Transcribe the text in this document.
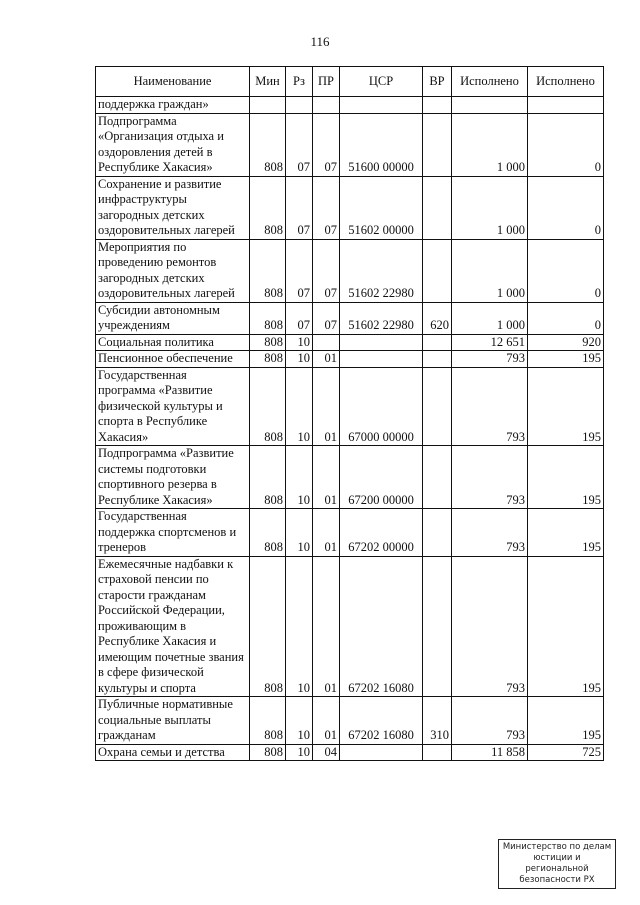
116
Наименование	Мин	Рз	ПР	ЦСР	ВР	Исполнено	Исполнено
поддержка граждан»							
Подпрограмма «Организация отдыха и оздоровления детей в Республике Хакасия»	808	07	07	51600 00000		1 000	0
Сохранение и развитие инфраструктуры загородных детских оздоровительных лагерей	808	07	07	51602 00000		1 000	0
Мероприятия по проведению ремонтов загородных детских оздоровительных лагерей	808	07	07	51602 22980		1 000	0
Субсидии автономным учреждениям	808	07	07	51602 22980	620	1 000	0
Социальная политика	808	10				12 651	920
Пенсионное обеспечение	808	10	01			793	195
Государственная программа «Развитие физической культуры и спорта в Республике Хакасия»	808	10	01	67000 00000		793	195
Подпрограмма «Развитие системы подготовки спортивного резерва в Республике Хакасия»	808	10	01	67200 00000		793	195
Государственная поддержка спортсменов и тренеров	808	10	01	67202 00000		793	195
Ежемесячные надбавки к страховой пенсии по старости гражданам Российской Федерации, проживающим в Республике Хакасия и имеющим почетные звания в сфере физической культуры и спорта	808	10	01	67202 16080		793	195
Публичные нормативные социальные выплаты гражданам	808	10	01	67202 16080	310	793	195
Охрана семьи и детства	808	10	04			11 858	725
Министерство по делам
юстиции и региональной
безопасности РХ
